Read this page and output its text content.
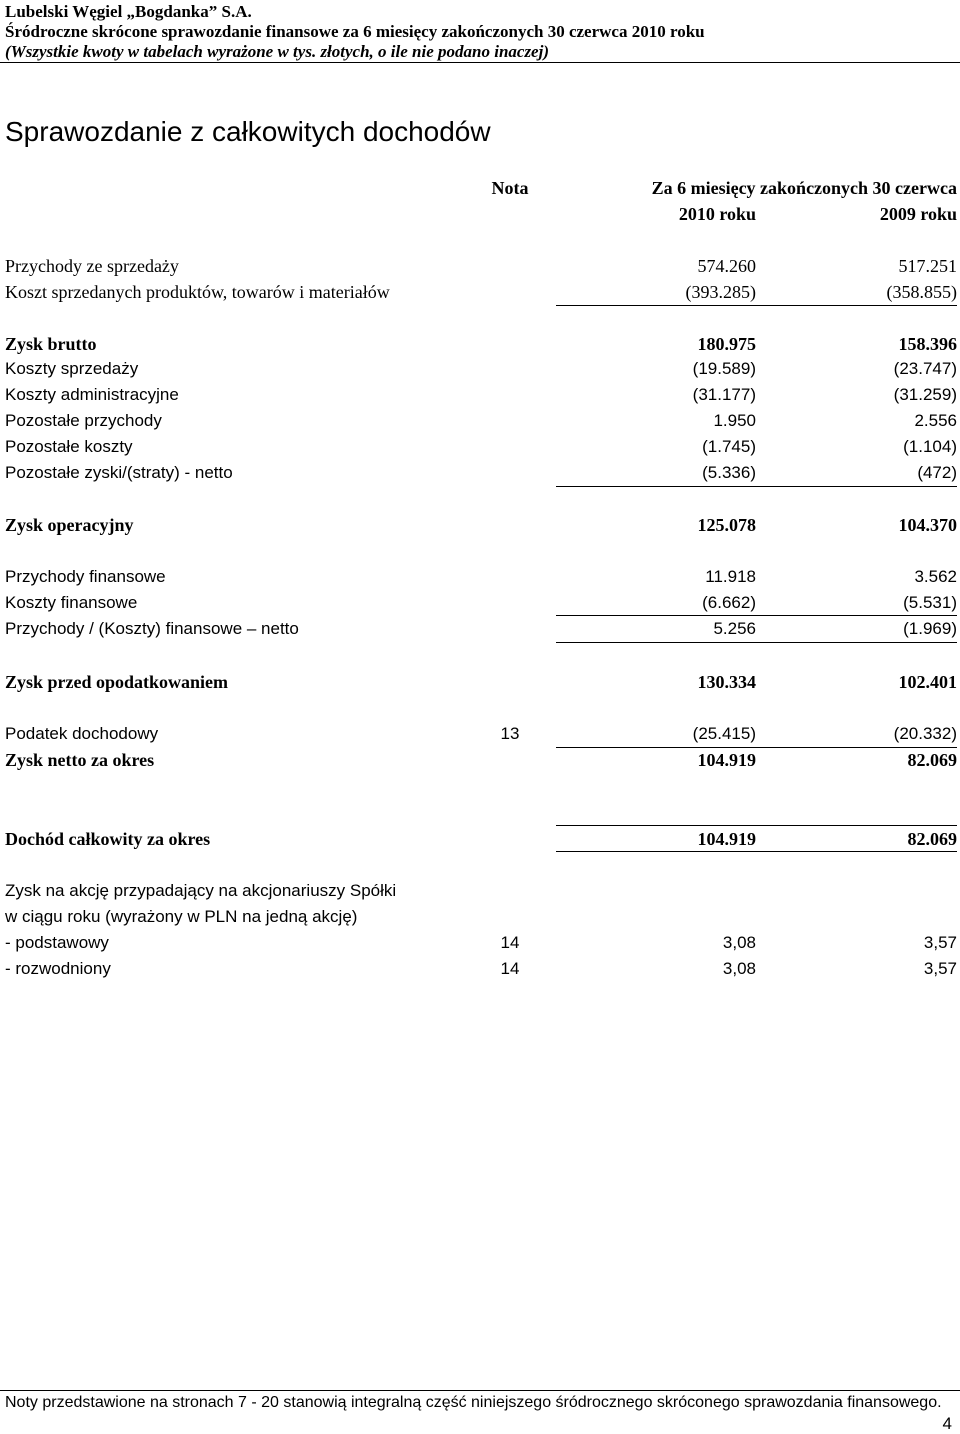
Lubelski Węgiel „Bogdanka” S.A.
Śródroczne skrócone sprawozdanie finansowe za 6 miesięcy zakończonych 30 czerwca 2010 roku
(Wszystkie kwoty w tabelach wyrażone w tys. złotych, o ile nie podano inaczej)
Sprawozdanie z całkowitych dochodów
Nota	Za 6 miesięcy zakończonych 30 czerwca
2010 roku	2009 roku
Przychody ze sprzedaży	574.260	517.251
Koszt sprzedanych produktów, towarów i materiałów	(393.285)	(358.855)
Zysk brutto	180.975	158.396
Koszty sprzedaży	(19.589)	(23.747)
Koszty administracyjne	(31.177)	(31.259)
Pozostałe przychody	1.950	2.556
Pozostałe koszty	(1.745)	(1.104)
Pozostałe zyski/(straty) - netto	(5.336)	(472)
Zysk operacyjny	125.078	104.370
Przychody finansowe	11.918	3.562
Koszty finansowe	(6.662)	(5.531)
Przychody / (Koszty) finansowe – netto	5.256	(1.969)
Zysk przed opodatkowaniem	130.334	102.401
Podatek dochodowy	13	(25.415)	(20.332)
Zysk netto za okres	104.919	82.069
Dochód całkowity za okres	104.919	82.069
Zysk na akcję przypadający na akcjonariuszy Spółki
w ciągu roku (wyrażony w PLN na jedną akcję)
- podstawowy	14	3,08	3,57
- rozwodniony	14	3,08	3,57
Noty przedstawione na stronach 7 - 20 stanowią integralną część niniejszego śródrocznego skróconego sprawozdania finansowego.
4
